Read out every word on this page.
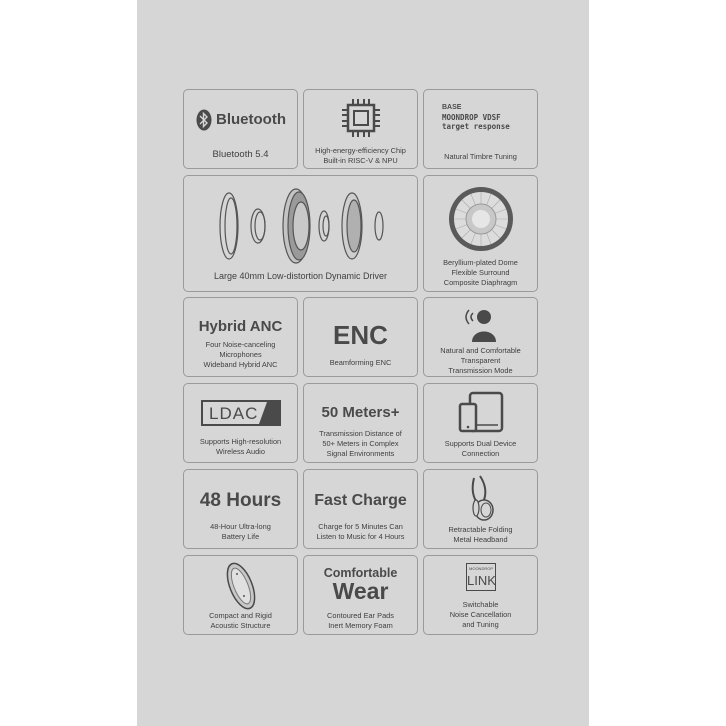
Bluetooth
Bluetooth 5.4	High-energy-efficiency Chip
Built-in RISC-V & NPU
BASE
MOONDROP VDSF
target response
Natural Timbre Tuning
Large 40mm Low-distortion Dynamic Driver
Beryllium-plated Dome
Flexible Surround
Composite Diaphragm
Hybrid ANC
Four Noise-canceling
Microphones
Wideband Hybrid ANC
ENC
Beamforming ENC
Natural and Comfortable
Transparent
Transmission Mode
LDAC
Supports High-resolution
Wireless Audio
50 Meters+
Transmission Distance of
50+ Meters in Complex
Signal Environments
Supports Dual Device
Connection
48 Hours
48-Hour Ultra-long
Battery Life
Fast Charge
Charge for 5 Minutes Can
Listen to Music for 4 Hours
Retractable Folding
Metal Headband
Compact and Rigid
Acoustic Structure
Comfortable
Wear
Contoured Ear Pads
Inert Memory Foam
MOONDROP
LINK
Switchable
Noise Cancellation
and Tuning
